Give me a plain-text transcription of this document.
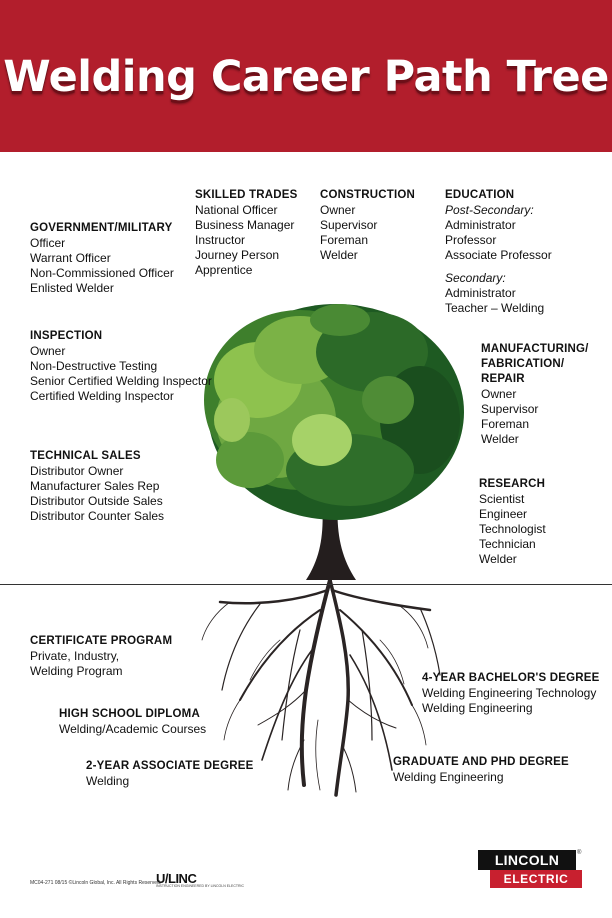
Welding Career Path Tree
GOVERNMENT/MILITARY
Officer
Warrant Officer
Non-Commissioned Officer
Enlisted Welder
SKILLED TRADES
National Officer
Business Manager
Instructor
Journey Person
Apprentice
CONSTRUCTION
Owner
Supervisor
Foreman
Welder
EDUCATION
Post-Secondary:
Administrator
Professor
Associate Professor
Secondary:
Administrator
Teacher – Welding
INSPECTION
Owner
Non-Destructive Testing
Senior Certified Welding Inspector
Certified Welding Inspector
MANUFACTURING/
FABRICATION/
REPAIR
Owner
Supervisor
Foreman
Welder
TECHNICAL SALES
Distributor Owner
Manufacturer Sales Rep
Distributor Outside Sales
Distributor Counter Sales
RESEARCH
Scientist
Engineer
Technologist
Technician
Welder
CERTIFICATE PROGRAM
Private, Industry,
Welding Program
HIGH SCHOOL DIPLOMA
Welding/Academic Courses
2-YEAR ASSOCIATE DEGREE
Welding
4-YEAR BACHELOR'S DEGREE
Welding Engineering Technology
Welding Engineering
GRADUATE AND PHD DEGREE
Welding Engineering
MC04-271 08/15 ©Lincoln Global, Inc. All Rights Reserved.
U/LINC
INSTRUCTION ENGINEERED BY LINCOLN ELECTRIC
LINCOLN
ELECTRIC
®
